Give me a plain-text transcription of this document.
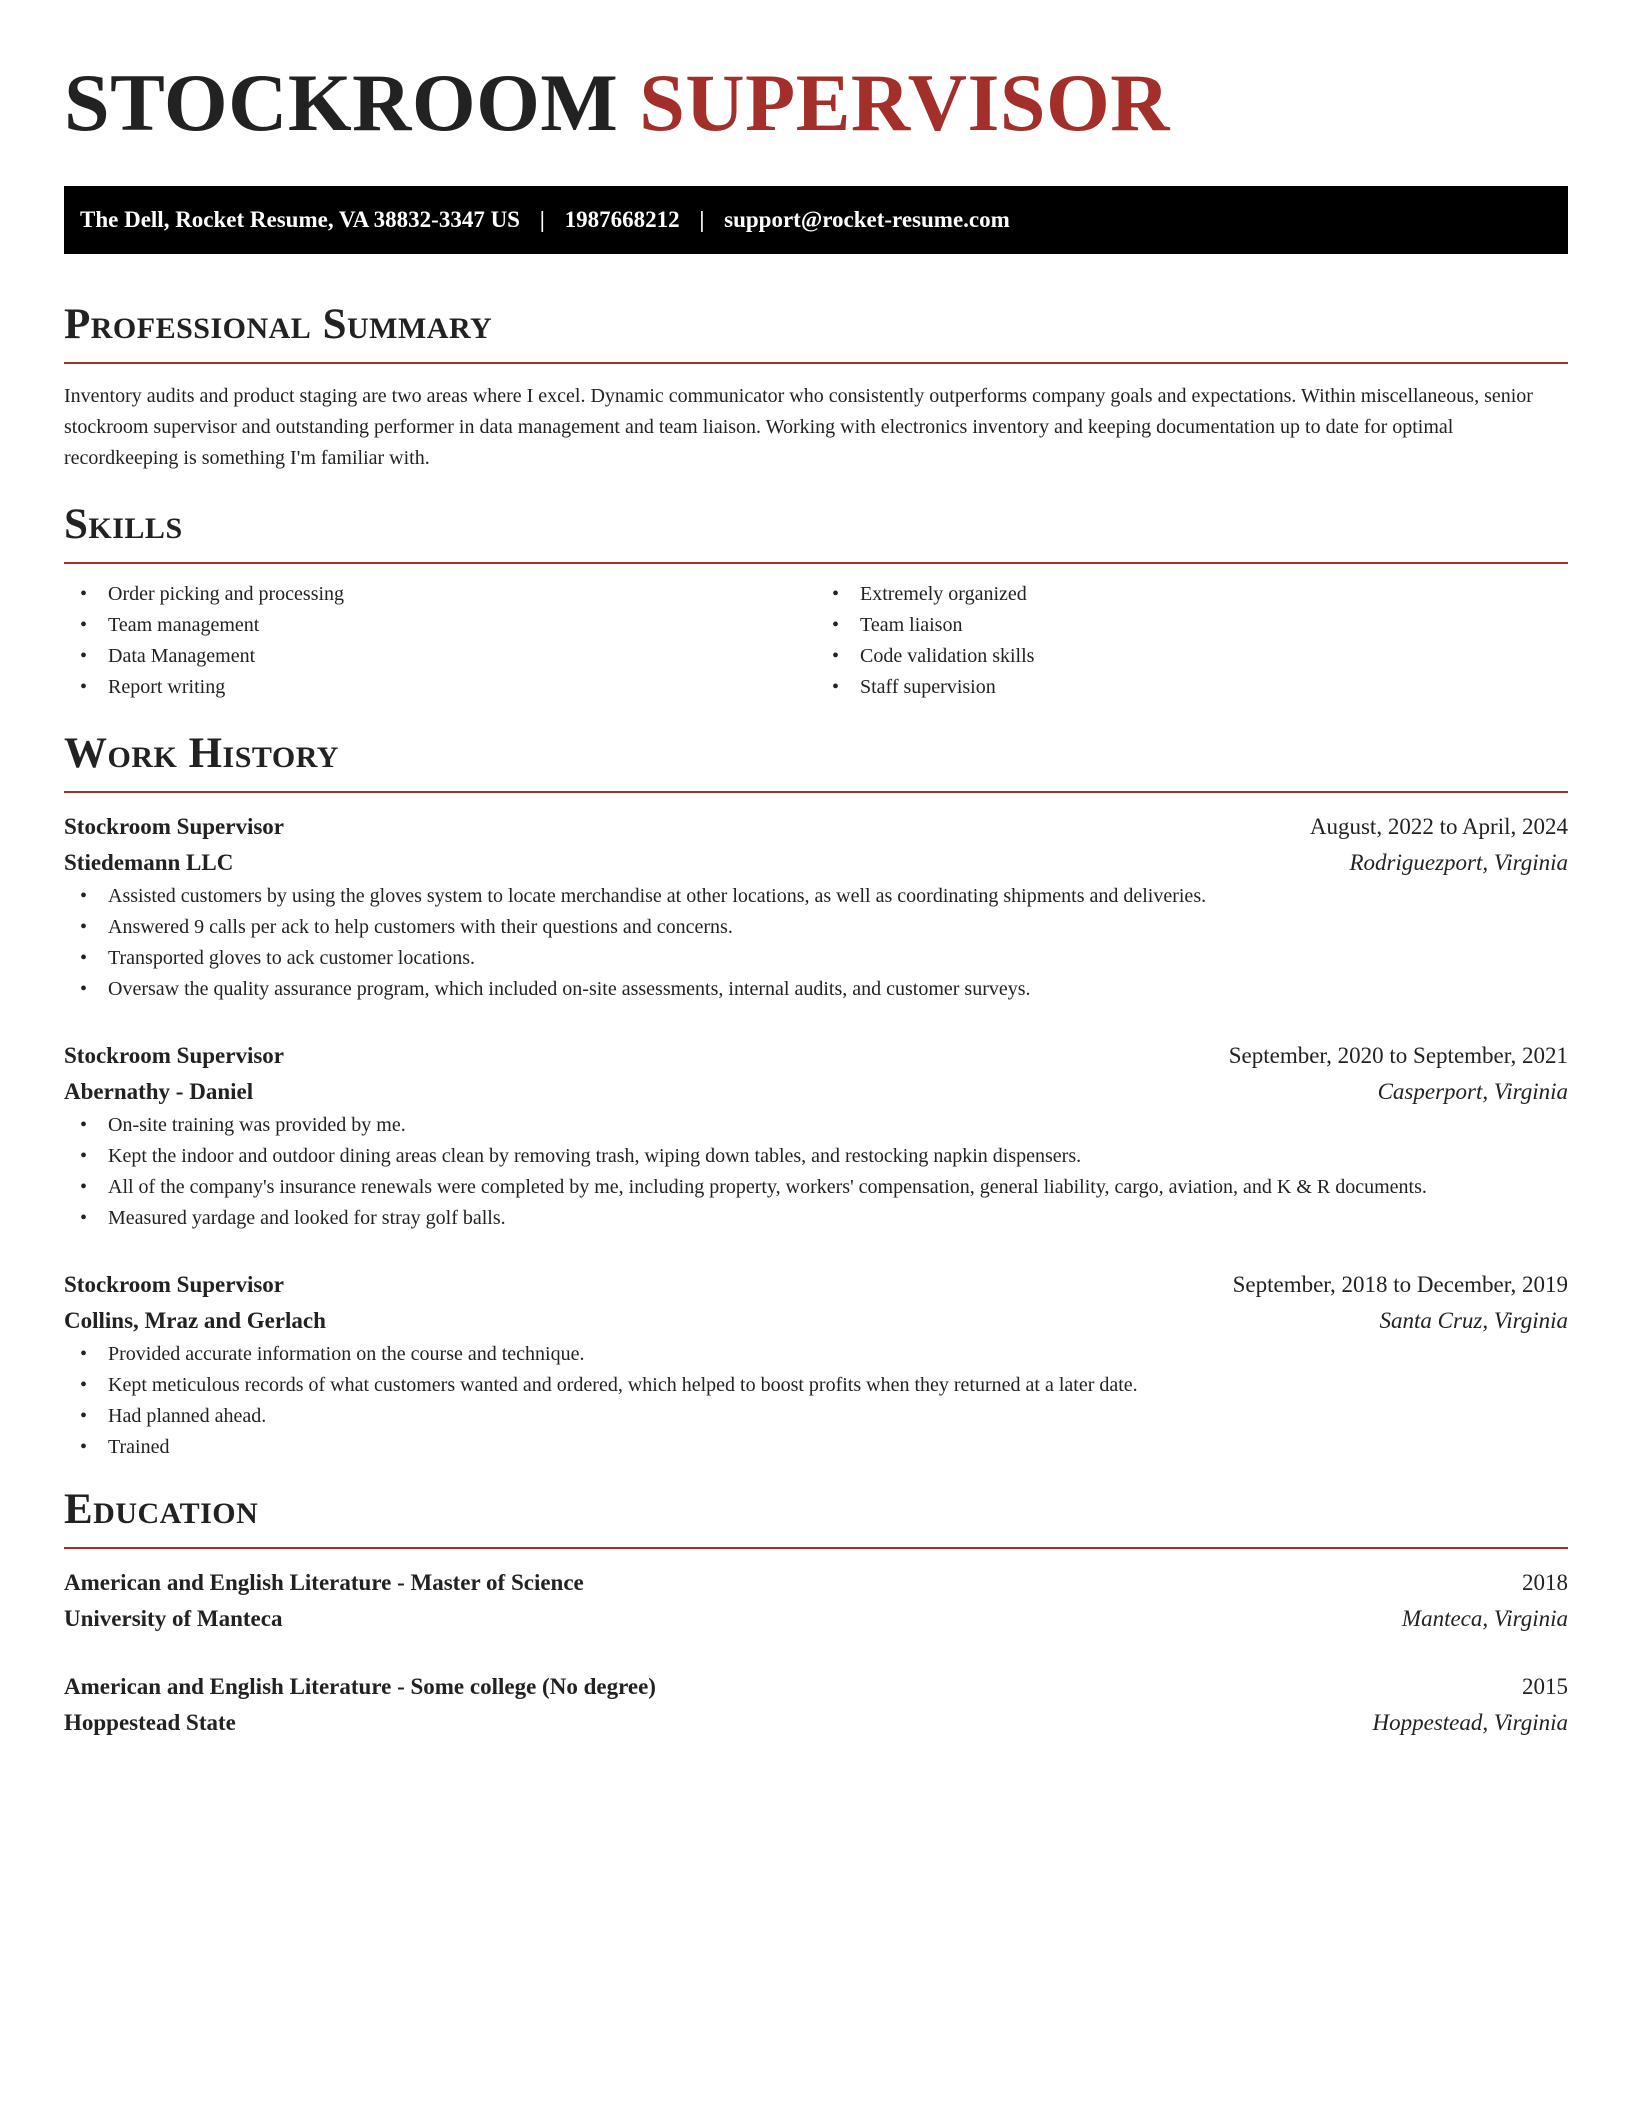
STOCKROOM SUPERVISOR
The Dell, Rocket Resume, VA 38832-3347 US | 1987668212 | support@rocket-resume.com
Professional Summary

Inventory audits and product staging are two areas where I excel. Dynamic communicator who consistently outperforms company goals and expectations. Within miscellaneous, senior stockroom supervisor and outstanding performer in data management and team liaison. Working with electronics inventory and keeping documentation up to date for optimal recordkeeping is something I'm familiar with.

Skills
• Order picking and processing
• Team management
• Data Management
• Report writing
• Extremely organized
• Team liaison
• Code validation skills
• Staff supervision
Work History
Stockroom Supervisor	August, 2022 to April, 2024
Stiedemann LLC	Rodriguezport, Virginia
• Assisted customers by using the gloves system to locate merchandise at other locations, as well as coordinating shipments and deliveries.
• Answered 9 calls per ack to help customers with their questions and concerns.
• Transported gloves to ack customer locations.
• Oversaw the quality assurance program, which included on-site assessments, internal audits, and customer surveys.
Stockroom Supervisor	September, 2020 to September, 2021
Abernathy - Daniel	Casperport, Virginia
• On-site training was provided by me.
• Kept the indoor and outdoor dining areas clean by removing trash, wiping down tables, and restocking napkin dispensers.
• All of the company's insurance renewals were completed by me, including property, workers' compensation, general liability, cargo, aviation, and K & R documents.
• Measured yardage and looked for stray golf balls.
Stockroom Supervisor	September, 2018 to December, 2019
Collins, Mraz and Gerlach	Santa Cruz, Virginia
• Provided accurate information on the course and technique.
• Kept meticulous records of what customers wanted and ordered, which helped to boost profits when they returned at a later date.
• Had planned ahead.
• Trained
Education
American and English Literature - Master of Science	2018
University of Manteca	Manteca, Virginia
American and English Literature - Some college (No degree)	2015
Hoppestead State	Hoppestead, Virginia
